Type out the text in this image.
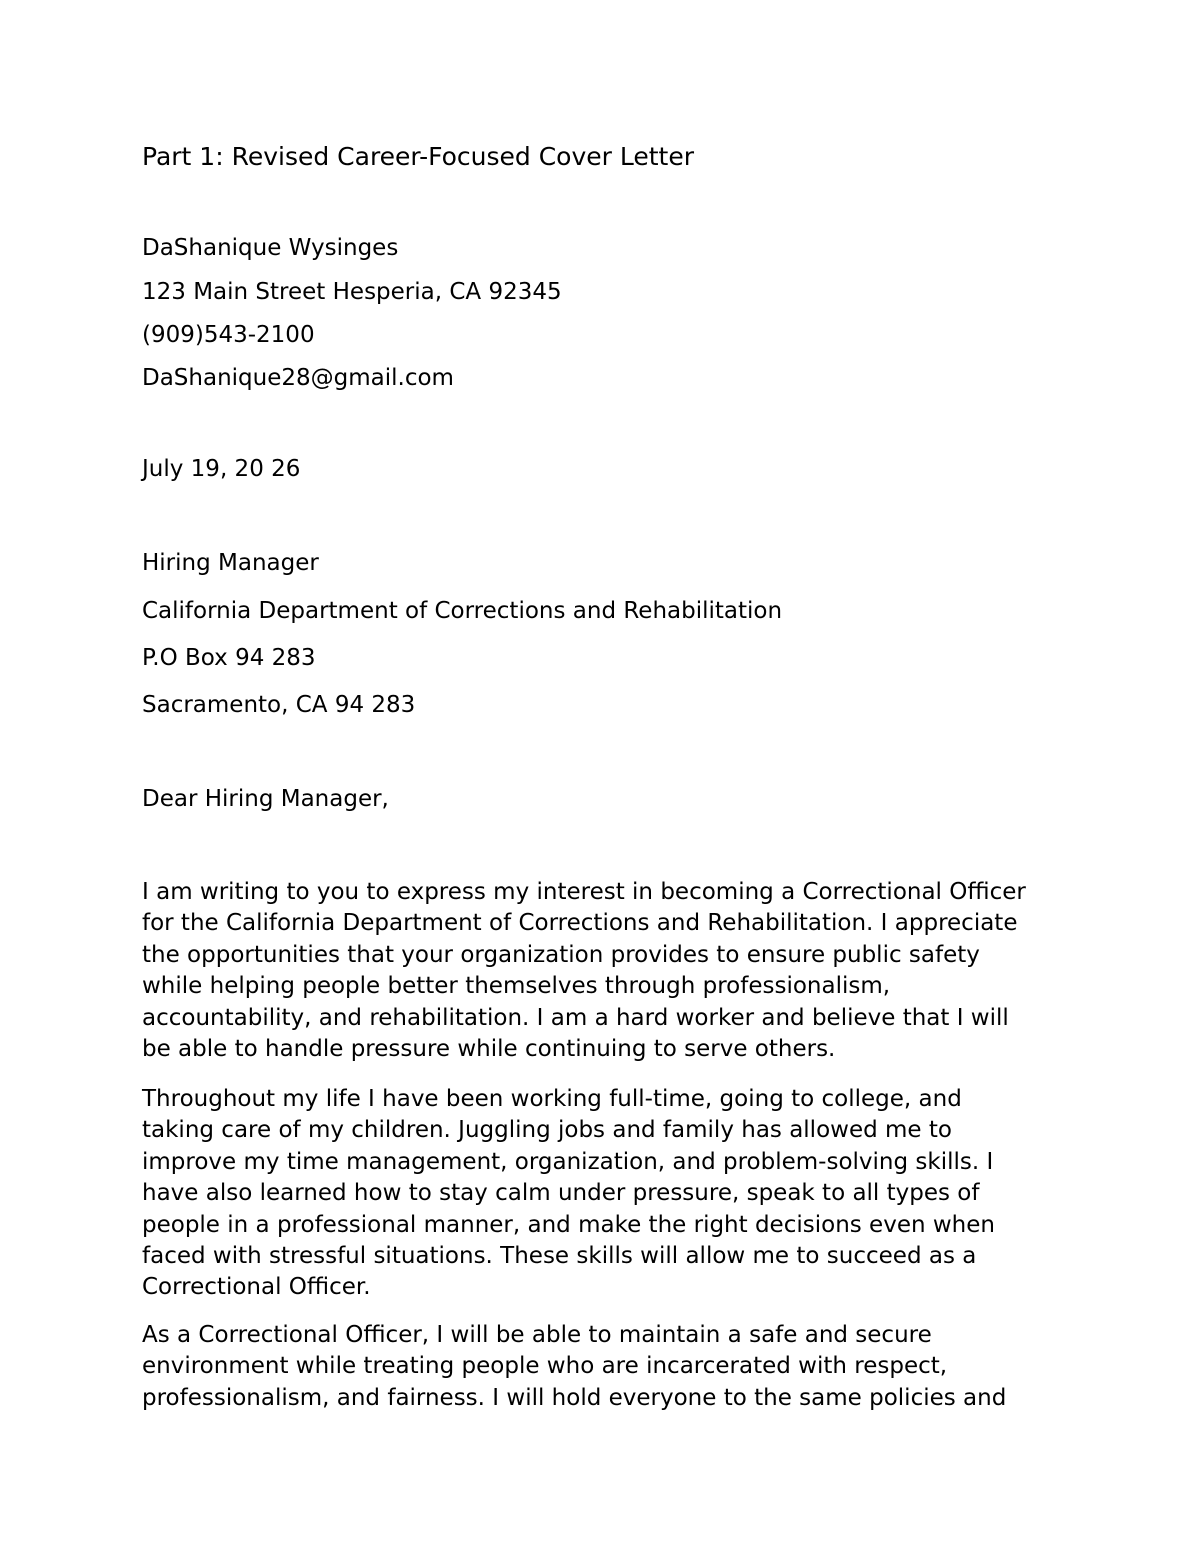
Part 1: Revised Career-Focused Cover Letter
DaShanique Wysinges
123 Main Street Hesperia, CA 92345
(909)543-2100
DaShanique28@gmail.com
July 19, 20 26
Hiring Manager
California Department of Corrections and Rehabilitation
P.O Box 94 283
Sacramento, CA 94 283
Dear Hiring Manager,
I am writing to you to express my interest in becoming a Correctional Officer
for the California Department of Corrections and Rehabilitation. I appreciate
the opportunities that your organization provides to ensure public safety
while helping people better themselves through professionalism,
accountability, and rehabilitation. I am a hard worker and believe that I will
be able to handle pressure while continuing to serve others.
Throughout my life I have been working full-time, going to college, and
taking care of my children. Juggling jobs and family has allowed me to
improve my time management, organization, and problem-solving skills. I
have also learned how to stay calm under pressure, speak to all types of
people in a professional manner, and make the right decisions even when
faced with stressful situations. These skills will allow me to succeed as a
Correctional Officer.
As a Correctional Officer, I will be able to maintain a safe and secure
environment while treating people who are incarcerated with respect,
professionalism, and fairness. I will hold everyone to the same policies and
